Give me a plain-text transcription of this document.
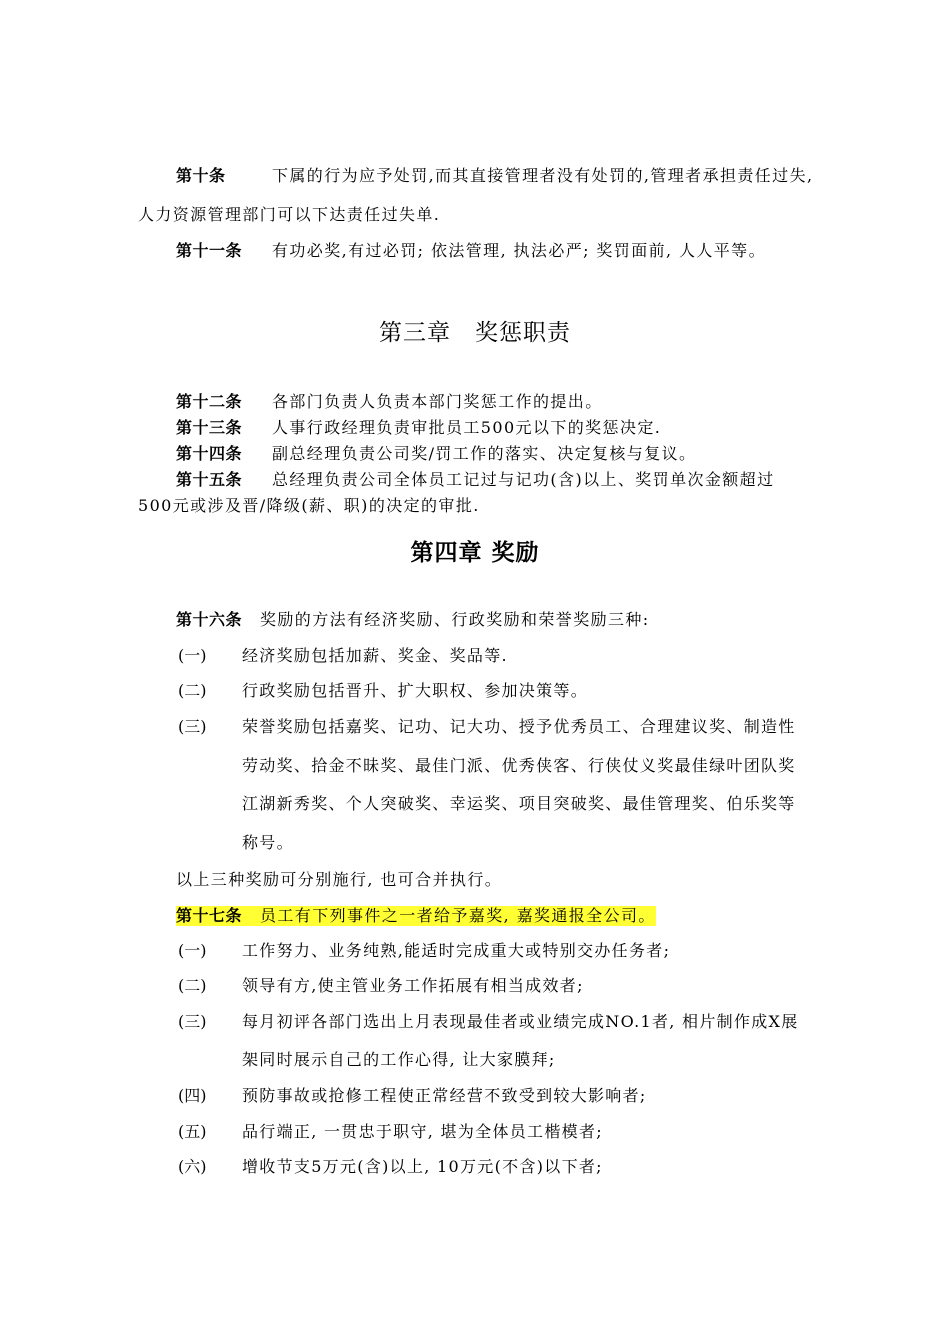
第十条	下属的行为应予处罚,而其直接管理者没有处罚的,管理者承担责任过失,
人力资源管理部门可以下达责任过失单.
第十一条 有功必奖,有过必罚; 依法管理, 执法必严; 奖罚面前, 人人平等。
第三章　奖惩职责
第十二条 各部门负责人负责本部门奖惩工作的提出。
第十三条 人事行政经理负责审批员工500元以下的奖惩决定.
第十四条 副总经理负责公司奖/罚工作的落实、决定复核与复议。
第十五条 总经理负责公司全体员工记过与记功(含)以上、奖罚单次金额超过
500元或涉及晋/降级(薪、职)的决定的审批.
第四章 奖励
第十六条 奖励的方法有经济奖励、行政奖励和荣誉奖励三种:
(一) 经济奖励包括加薪、奖金、奖品等.
(二) 行政奖励包括晋升、扩大职权、参加决策等。
(三) 荣誉奖励包括嘉奖、记功、记大功、授予优秀员工、合理建议奖、制造性
劳动奖、拾金不昧奖、最佳门派、优秀侠客、行侠仗义奖最佳绿叶团队奖
江湖新秀奖、个人突破奖、幸运奖、项目突破奖、最佳管理奖、伯乐奖等
称号。
以上三种奖励可分别施行, 也可合并执行。
第十七条 员工有下列事件之一者给予嘉奖, 嘉奖通报全公司。
(一) 工作努力、业务纯熟,能适时完成重大或特别交办任务者;
(二) 领导有方,使主管业务工作拓展有相当成效者;
(三) 每月初评各部门选出上月表现最佳者或业绩完成NO.1者, 相片制作成X展
架同时展示自己的工作心得, 让大家膜拜;
(四) 预防事故或抢修工程使正常经营不致受到较大影响者;
(五) 品行端正, 一贯忠于职守, 堪为全体员工楷模者;
(六) 增收节支5万元(含)以上, 10万元(不含)以下者;
